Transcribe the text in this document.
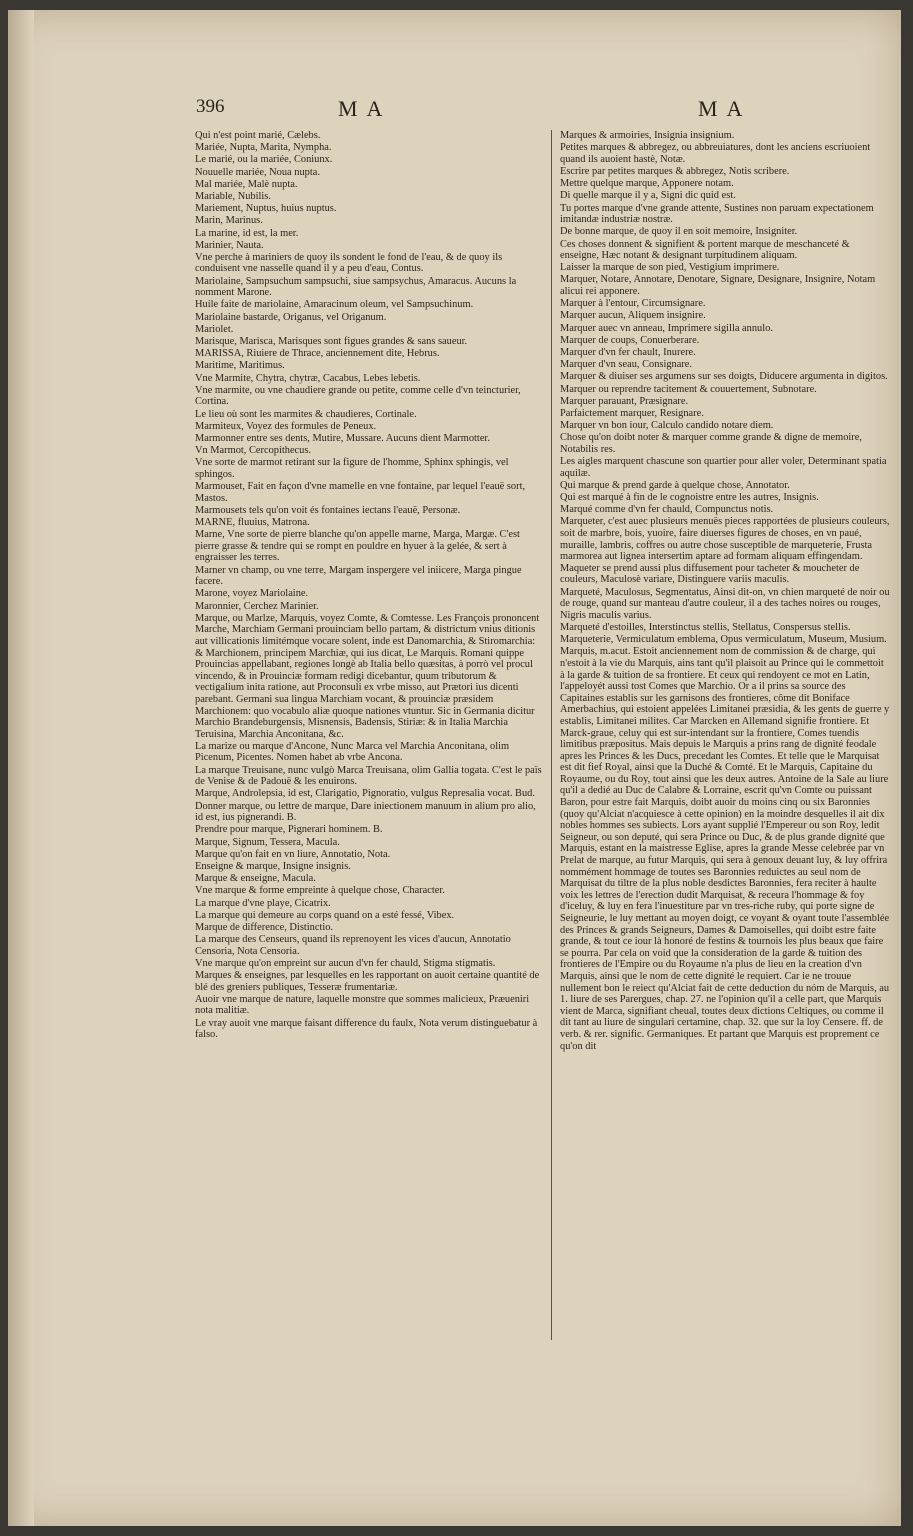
396	MA	MA
Qui n'est point marié, Cælebs.
Mariée, Nupta, Marita, Nympha.
Le marié, ou la mariée, Coniunx.
Nouuelle mariée, Noua nupta.
Mal mariée, Malè nupta.
Mariable, Nubilis.
Mariement, Nuptus, huius nuptus.
Marin, Marinus.
La marine, id est, la mer.
Marinier, Nauta.
Vne perche à mariniers de quoy ils sondent le fond de l'eau, & de quoy ils conduisent vne nasselle quand il y a peu d'eau, Contus.
Mariolaine, Sampsuchum sampsuchi, siue sampsychus, Amaracus. Aucuns la nomment Marone.
Huile faite de mariolaine, Amaracinum oleum, vel Sampsuchinum.
Mariolaine bastarde, Origanus, vel Origanum.
Mariolet.
Marisque, Marisca, Marisques sont figues grandes & sans saueur.
MARISSA, Riuiere de Thrace, anciennement dite, Hebrus.
Maritime, Maritimus.
Vne Marmite, Chytra, chytræ, Cacabus, Lebes lebetis.
Vne marmite, ou vne chaudiere grande ou petite, comme celle d'vn teincturier, Cortina.
Le lieu où sont les marmites & chaudieres, Cortinale.
Marmiteux, Voyez des formules de Peneux.
Marmonner entre ses dents, Mutire, Mussare. Aucuns dient Marmotter.
Vn Marmot, Cercopithecus.
Vne sorte de marmot retirant sur la figure de l'homme, Sphinx sphingis, vel sphingos.
Marmouset, Fait en façon d'vne mamelle en vne fontaine, par lequel l'eauë sort, Mastos.
Marmousets tels qu'on voit és fontaines iectans l'eauë, Personæ.
MARNE, fluuius, Matrona.
Marne, Vne sorte de pierre blanche qu'on appelle marne, Marga, Margæ. C'est pierre grasse & tendre qui se rompt en pouldre en hyuer à la gelée, & sert à engraisser les terres.
Marner vn champ, ou vne terre, Margam inspergere vel iniicere, Marga pingue facere.
Marone, voyez Mariolaine.
Maronnier, Cerchez Marinier.
Marque, ou Marlze, Marquis, voyez Comte, & Comtesse. Les François prononcent Marche, Marchiam Germani prouinciam bello partam, & districtum vnius ditionis aut villicationis limitémque vocare solent, inde est Danomarchia, & Stiromarchia: & Marchionem, principem Marchiæ, qui ius dicat, Le Marquis. Romani quippe Prouincias appellabant, regiones longè ab Italia bello quæsitas, à porrò vel procul vincendo, & in Prouinciæ formam redigi dicebantur, quum tributorum & vectigalium inita ratione, aut Proconsuli ex vrbe misso, aut Prætori ius dicenti parebant. Germani sua lingua Marchiam vocant, & prouinciæ præsidem Marchionem: quo vocabulo aliæ quoque nationes vtuntur. Sic in Germania dicitur Marchio Brandeburgensis, Misnensis, Badensis, Stiriæ: & in Italia Marchia Teruisina, Marchia Anconitana, &c.
La marize ou marque d'Ancone, Nunc Marca vel Marchia Anconitana, olim Picenum, Picentes. Nomen habet ab vrbe Ancona.
La marque Treuisane, nunc vulgò Marca Treuisana, olim Gallia togata. C'est le païs de Venise & de Padouë & les enuirons.
Marque, Androlepsia, id est, Clarigatio, Pignoratio, vulgus Represalia vocat. Bud.
Donner marque, ou lettre de marque, Dare iniectionem manuum in alium pro alio, id est, ius pignerandi. B.
Prendre pour marque, Pignerari hominem. B.
Marque, Signum, Tessera, Macula.
Marque qu'on fait en vn liure, Annotatio, Nota.
Enseigne & marque, Insigne insignis.
Marque & enseigne, Macula.
Vne marque & forme empreinte à quelque chose, Character.
La marque d'vne playe, Cicatrix.
La marque qui demeure au corps quand on a esté fessé, Vibex.
Marque de difference, Distinctio.
La marque des Censeurs, quand ils reprenoyent les vices d'aucun, Annotatio Censoria, Nota Censoria.
Vne marque qu'on empreint sur aucun d'vn fer chauld, Stigma stigmatis.
Marques & enseignes, par lesquelles en les rapportant on auoit certaine quantité de blé des greniers publiques, Tesseræ frumentariæ.
Auoir vne marque de nature, laquelle monstre que sommes malicieux, Præueniri nota malitiæ.
Le vray auoit vne marque faisant difference du faulx, Nota verum distinguebatur à falso.
Marques & armoiries, Insignia insignium.
Petites marques & abbregez, ou abbreuiatures, dont les anciens escriuoient quand ils auoient hastè, Notæ.
Escrire par petites marques & abbregez, Notis scribere.
Mettre quelque marque, Apponere notam.
Di quelle marque il y a, Signi dic quid est.
Tu portes marque d'vne grande attente, Sustines non paruam expectationem imitandæ industriæ nostræ.
De bonne marque, de quoy il en soit memoire, Insigniter.
Ces choses donnent & signifient & portent marque de meschanceté & enseigne, Hæc notant & designant turpitudinem aliquam.
Laisser la marque de son pied, Vestigium imprimere.
Marquer, Notare, Annotare, Denotare, Signare, Designare, Insignire, Notam alicui rei apponere.
Marquer à l'entour, Circumsignare.
Marquer aucun, Aliquem insignire.
Marquer auec vn anneau, Imprimere sigilla annulo.
Marquer de coups, Conuerberare.
Marquer d'vn fer chault, Inurere.
Marquer d'vn seau, Consignare.
Marquer & diuiser ses argumens sur ses doigts, Diducere argumenta in digitos.
Marquer ou reprendre tacitement & couuertement, Subnotare.
Marquer parauant, Præsignare.
Parfaictement marquer, Resignare.
Marquer vn bon iour, Calculo candido notare diem.
Chose qu'on doibt noter & marquer comme grande & digne de memoire, Notabilis res.
Les aigles marquent chascune son quartier pour aller voler, Determinant spatia aquilæ.
Qui marque & prend garde à quelque chose, Annotator.
Qui est marqué à fin de le cognoistre entre les autres, Insignis.
Marqué comme d'vn fer chauld, Compunctus notis.
Marqueter, c'est auec plusieurs menuës pieces rapportées de plusieurs couleurs, soit de marbre, bois, yuoire, faire diuerses figures de choses, en vn paué, muraille, lambris, coffres ou autre chose susceptible de marqueterie, Frusta marmorea aut lignea intersertim aptare ad formam aliquam effingendam. Maqueter se prend aussi plus diffusement pour tacheter & moucheter de couleurs, Maculosè variare, Distinguere variis maculis.
Marqueté, Maculosus, Segmentatus, Ainsi dit-on, vn chien marqueté de noir ou de rouge, quand sur manteau d'autre couleur, il a des taches noires ou rouges, Nigris maculis varius.
Marqueté d'estoilles, Interstinctus stellis, Stellatus, Conspersus stellis.
Marqueterie, Vermiculatum emblema, Opus vermiculatum, Museum, Musium.
Marquis, m.acut. Estoit anciennement nom de commission & de charge, qui n'estoit à la vie du Marquis, ains tant qu'il plaisoit au Prince qui le commettoit à la garde & tuition de sa frontiere. Et ceux qui rendoyent ce mot en Latin, l'appeloyét aussi tost Comes que Marchio. Or a il prins sa source des Capitaines establis sur les garnisons des frontieres, côme dit Boniface Amerbachius, qui estoient appelées Limitanei præsidia, & les gents de guerre y establis, Limitanei milites. Car Marcken en Allemand signifie frontiere. Et Marck-graue, celuy qui est sur-intendant sur la frontiere, Comes tuendis limitibus præpositus. Mais depuis le Marquis a prins rang de dignité feodale apres les Princes & les Ducs, precedant les Comtes. Et telle que le Marquisat est dit fief Royal, ainsi que la Duché & Comté. Et le Marquis, Capitaine du Royaume, ou du Roy, tout ainsi que les deux autres. Antoine de la Sale au liure qu'il a dedié au Duc de Calabre & Lorraine, escrit qu'vn Comte ou puissant Baron, pour estre fait Marquis, doibt auoir du moins cinq ou six Baronnies (quoy qu'Alciat n'acquiesce à cette opinion) en la moindre desquelles il ait dix nobles hommes ses subiects. Lors ayant supplié l'Empereur ou son Roy, ledit Seigneur, ou son deputé, qui sera Prince ou Duc, & de plus grande dignité que Marquis, estant en la maistresse Eglise, apres la grande Messe celebrée par vn Prelat de marque, au futur Marquis, qui sera à genoux deuant luy, & luy offrira nommément hommage de toutes ses Baronnies reduictes au seul nom de Marquisat du tiltre de la plus noble desdictes Baronnies, fera reciter à haulte voix les lettres de l'erection dudit Marquisat, & receura l'hommage & foy d'iceluy, & luy en fera l'inuestiture par vn tres-riche ruby, qui porte signe de Seigneurie, le luy mettant au moyen doigt, ce voyant & oyant toute l'assemblée des Princes & grands Seigneurs, Dames & Damoiselles, qui doibt estre faite grande, & tout ce iour là honoré de festins & tournois les plus beaux que faire se pourra. Par cela on void que la consideration de la garde & tuition des frontieres de l'Empire ou du Royaume n'a plus de lieu en la creation d'vn Marquis, ainsi que le nom de cette dignité le requiert. Car ie ne trouue nullement bon le reiect qu'Alciat fait de cette deduction du nóm de Marquis, au 1. liure de ses Parergues, chap. 27. ne l'opinion qu'il a celle part, que Marquis vient de Marca, signifiant cheual, toutes deux dictions Celtiques, ou comme il dit tant au liure de singulari certamine, chap. 32. que sur la loy Censere. ff. de verb. & rer. signific. Germaniques. Et partant que Marquis est proprement ce qu'on dit
